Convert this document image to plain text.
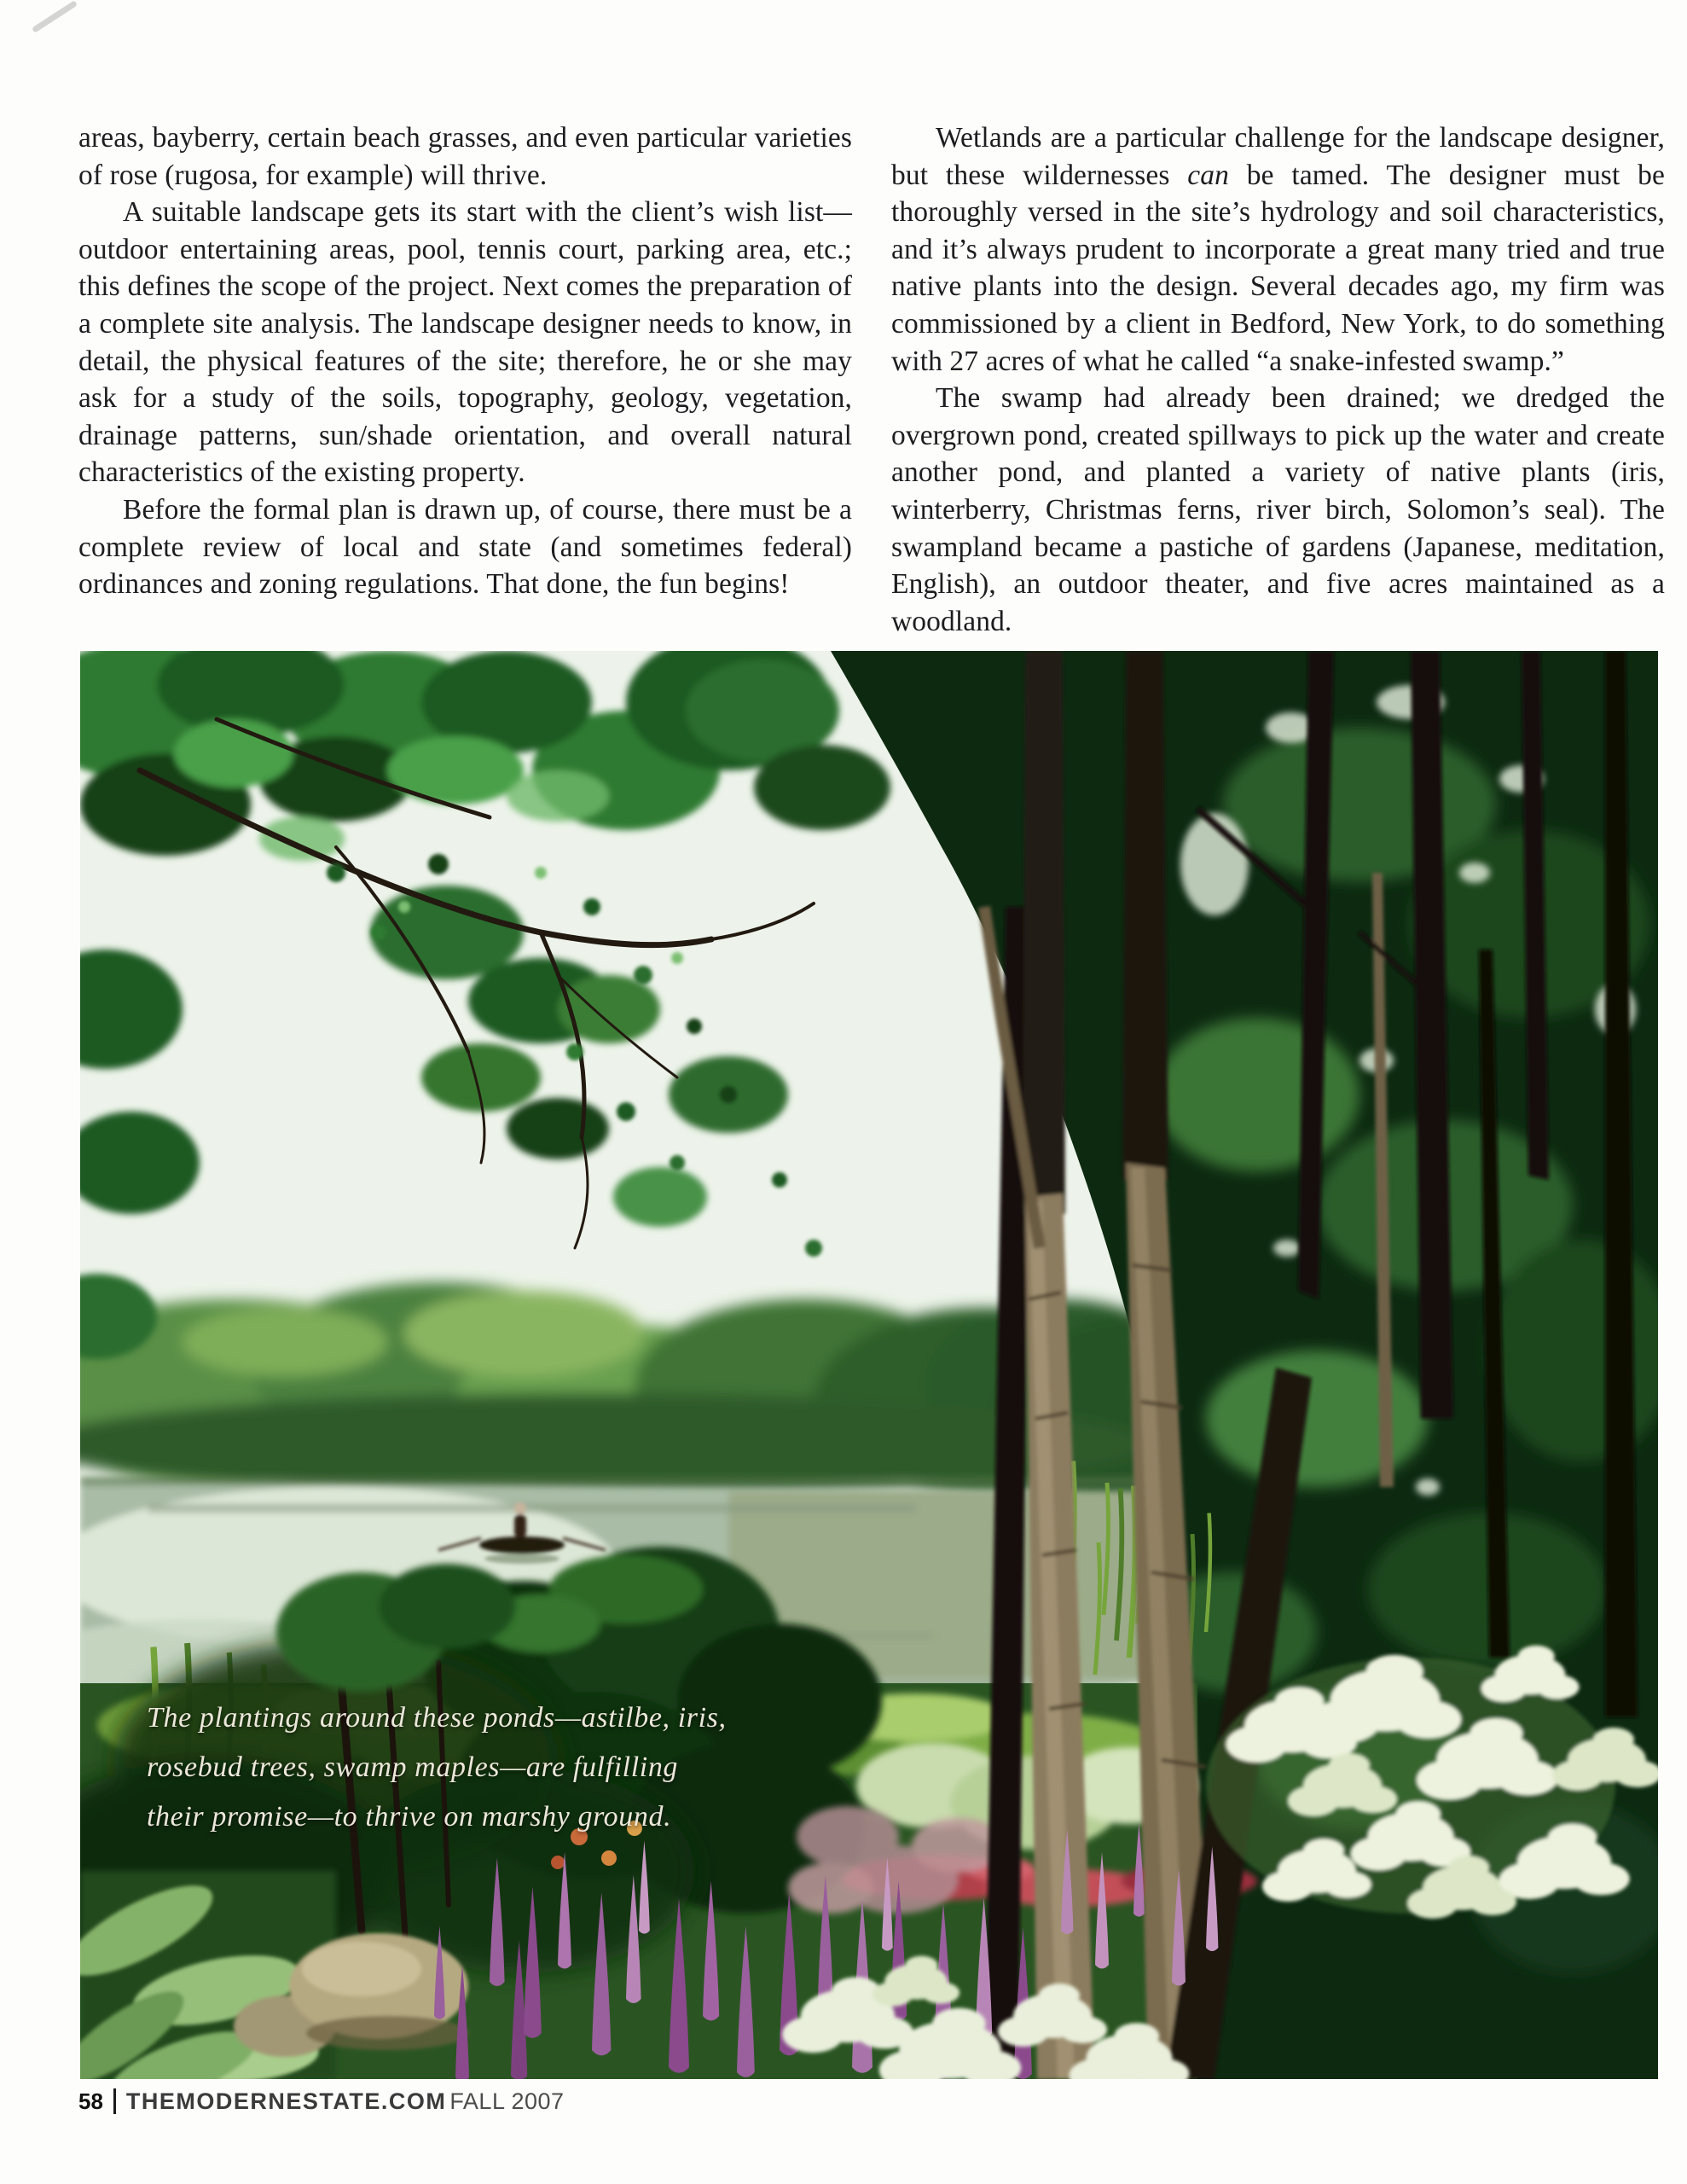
areas, bayberry, certain beach grasses, and even particular varieties of rose (rugosa, for example) will thrive.

A suitable landscape gets its start with the client’s wish list—outdoor entertaining areas, pool, tennis court, parking area, etc.; this defines the scope of the project. Next comes the preparation of a complete site analysis. The landscape designer needs to know, in detail, the physical features of the site; therefore, he or she may ask for a study of the soils, topography, geology, vegetation, drainage patterns, sun/shade orientation, and overall natural characteristics of the existing property.

Before the formal plan is drawn up, of course, there must be a complete review of local and state (and sometimes federal) ordinances and zoning regulations. That done, the fun begins!

Wetlands are a particular challenge for the landscape designer, but these wildernesses can be tamed. The designer must be thoroughly versed in the site’s hydrology and soil characteristics, and it’s always prudent to incorporate a great many tried and true native plants into the design. Several decades ago, my firm was commissioned by a client in Bedford, New York, to do something with 27 acres of what he called “a snake-infested swamp.”

The swamp had already been drained; we dredged the overgrown pond, created spillways to pick up the water and create another pond, and planted a variety of native plants (iris, winterberry, Christmas ferns, river birch, Solomon’s seal). The swampland became a pastiche of gardens (Japanese, meditation, English), an outdoor theater, and five acres maintained as a woodland.

The plantings around these ponds—astilbe, iris,
rosebud trees, swamp maples—are fulfilling
their promise—to thrive on marshy ground.
58 THEMODERNESTATE.COM FALL 2007
